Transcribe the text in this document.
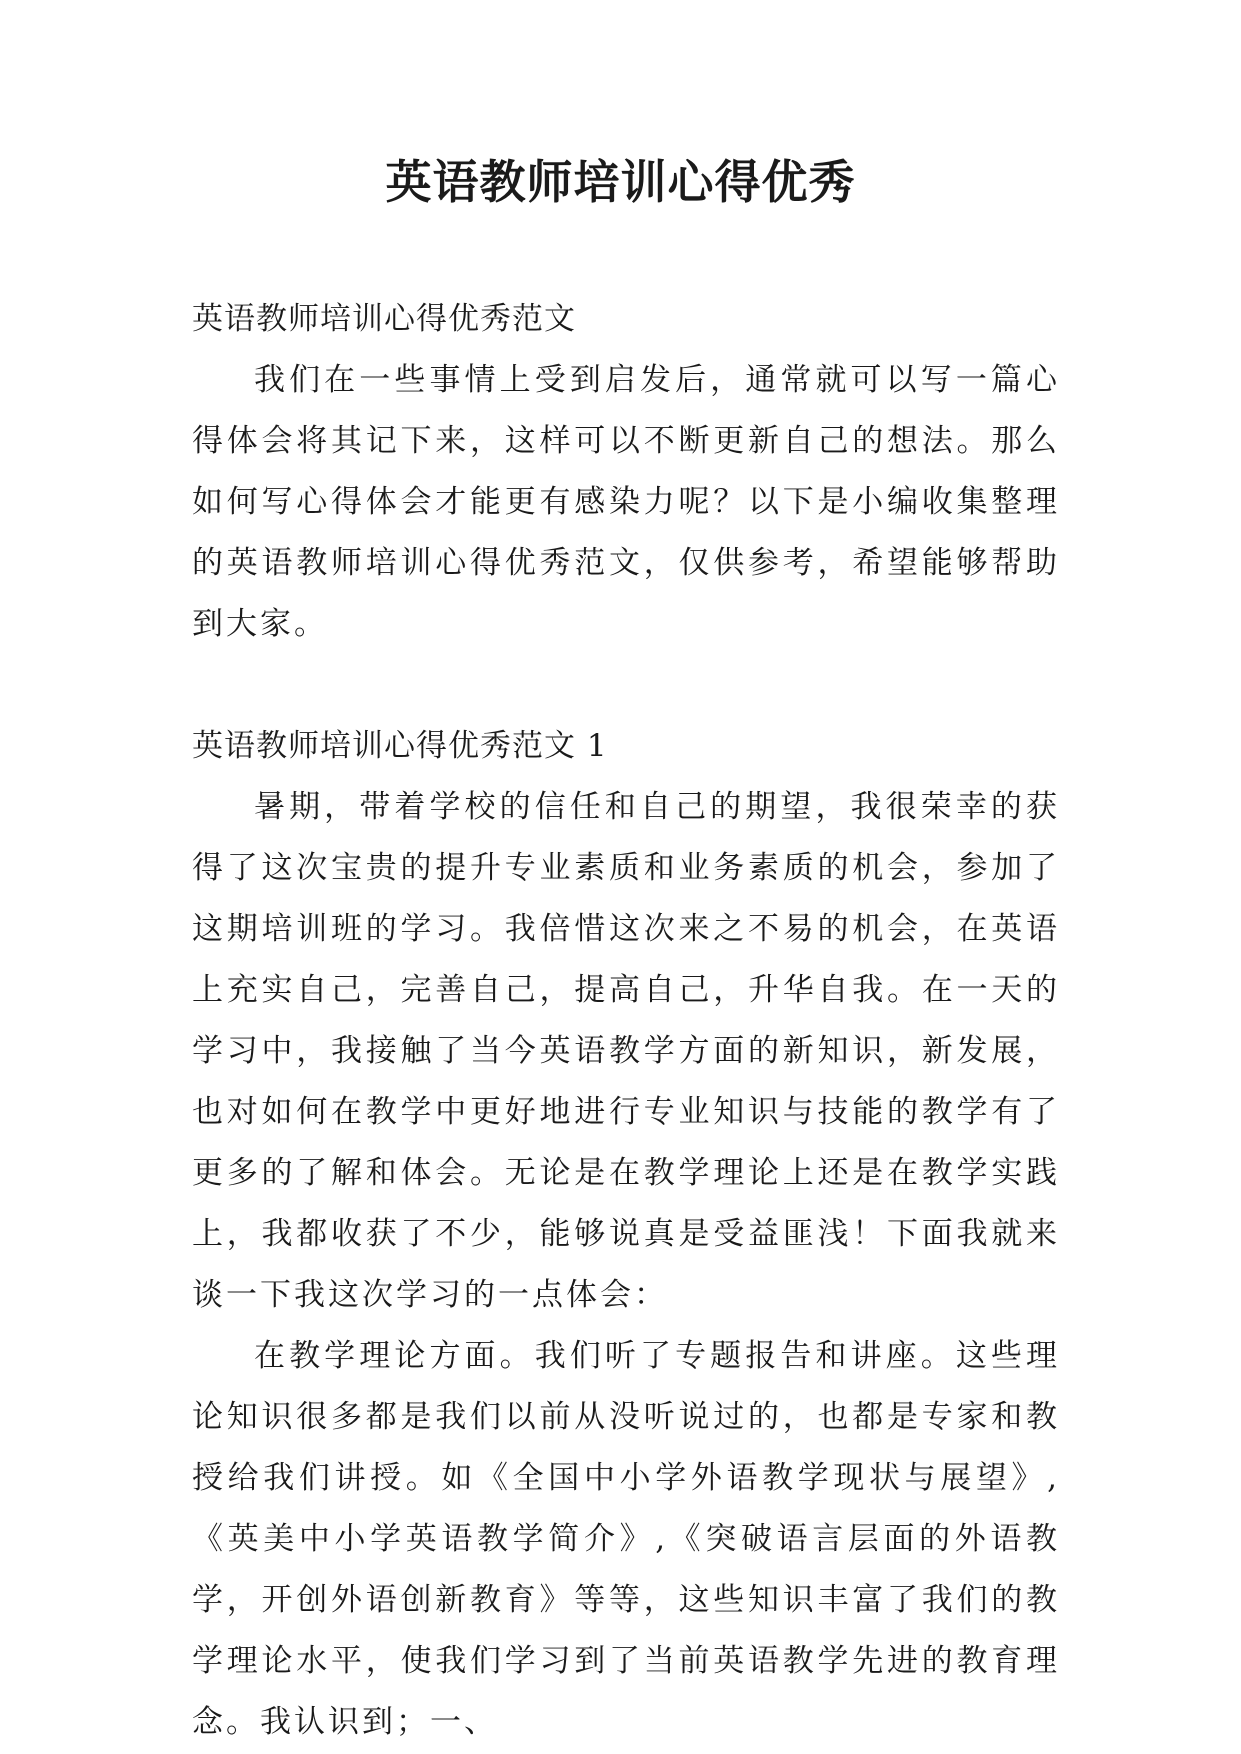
英语教师培训心得优秀

英语教师培训心得优秀范文

我们在一些事情上受到启发后，通常就可以写一篇心得体会将其记下来，这样可以不断更新自己的想法。那么如何写心得体会才能更有感染力呢？以下是小编收集整理的英语教师培训心得优秀范文，仅供参考，希望能够帮助到大家。

英语教师培训心得优秀范文 1

暑期，带着学校的信任和自己的期望，我很荣幸的获得了这次宝贵的提升专业素质和业务素质的机会，参加了这期培训班的学习。我倍惜这次来之不易的机会，在英语上充实自己，完善自己，提高自己，升华自我。在一天的学习中，我接触了当今英语教学方面的新知识，新发展，也对如何在教学中更好地进行专业知识与技能的教学有了更多的了解和体会。无论是在教学理论上还是在教学实践上，我都收获了不少，能够说真是受益匪浅！下面我就来谈一下我这次学习的一点体会：

在教学理论方面。我们听了专题报告和讲座。这些理论知识很多都是我们以前从没听说过的，也都是专家和教授给我们讲授。如《全国中小学外语教学现状与展望》,《英美中小学英语教学简介》,《突破语言层面的外语教学，开创外语创新教育》等等，这些知识丰富了我们的教学理论水平，使我们学习到了当前英语教学先进的教育理念。我认识到；一、
